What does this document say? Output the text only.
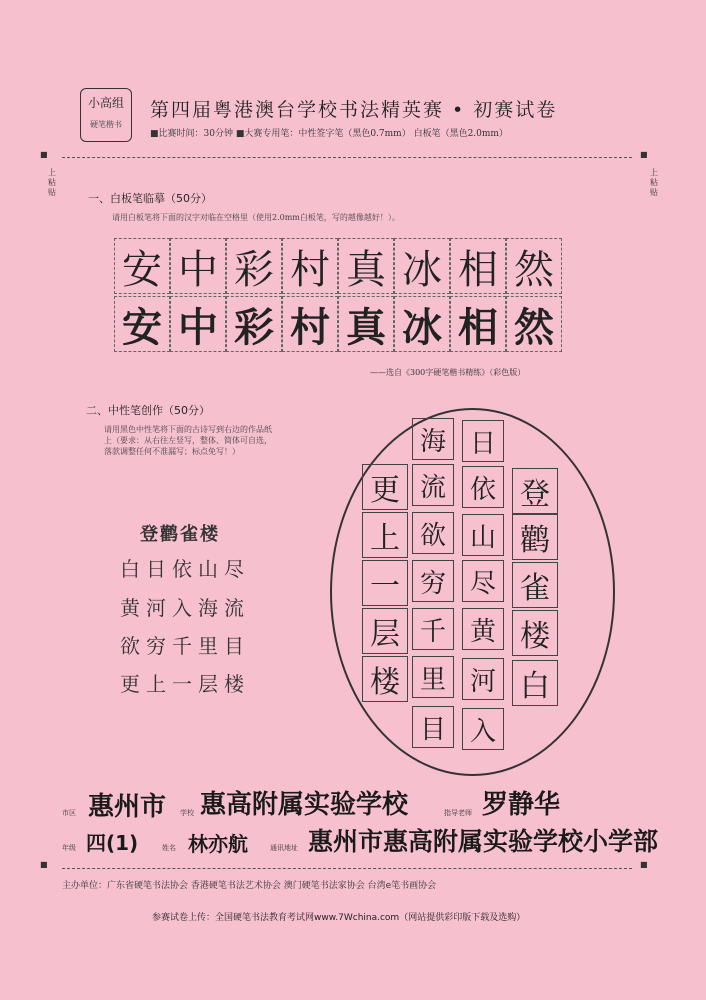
小高组
硬笔楷书
第四届粤港澳台学校书法精英赛 • 初赛试卷
■比赛时间：30分钟 ■大赛专用笔：中性签字笔（黑色0.7mm） 白板笔（黑色2.0mm）
■	■
上 粘 贴
上 粘 贴
一、白板笔临摹（50分）
请用白板笔将下面的汉字对临在空格里（使用2.0mm白板笔，写的越像越好！）。
安 中 彩 村 真 冰 相 然
安 中 彩 村 真 冰 相 然
——选自《300字硬笔楷书精练》（彩色版）
二、中性笔创作（50分）
请用黑色中性笔将下面的古诗写到右边的作品纸
上（要求：从右往左竖写，整体、简体可自选，
落款调整任何不准漏写；标点免写！）
登鹳雀楼
白日依山尽
黄河入海流
欲穷千里目
更上一层楼
登
鹳
雀
楼
白
日
依
山
尽
黄
河
入
海
流
欲
穷
千
里
目
更
上
一
层
楼
市区 惠州市 学校 惠高附属实验学校	指导老师 罗静华
年级 四(1)	姓名 林亦航	通讯地址 惠州市惠高附属实验学校小学部
■	■
主办单位：广东省硬笔书法协会 香港硬笔书法艺术协会 澳门硬笔书法家协会 台湾e笔书画协会
参赛试卷上传：全国硬笔书法教育考试网www.7Wchina.com（网站提供彩印版下载及选购）
